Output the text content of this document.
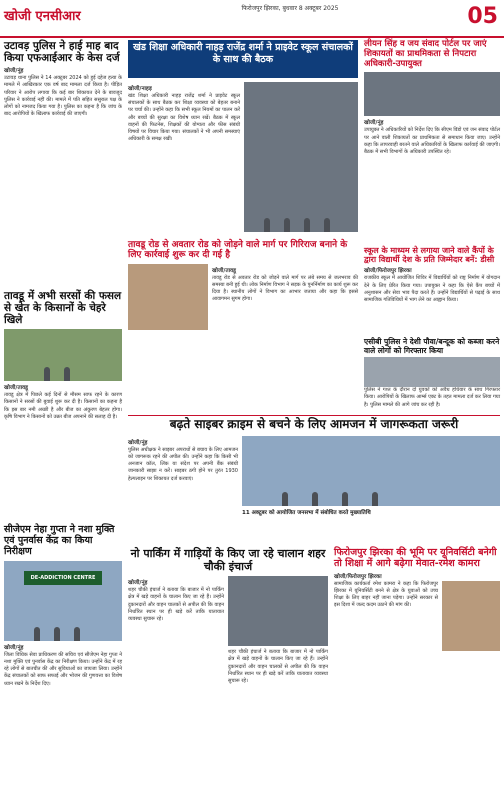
खोजी एनसीआर
फिरोजपुर झिरका, बुधवार 8 अक्टूबर 2025	05
उटावड़ पुलिस ने हाई माह बाद किया एफआईआर के केस दर्ज
खोजी/नूंह
उटावड़ थाना पुलिस ने 14 अक्टूबर 2024 को हुई दहेज हत्या के मामले में आखिरकार एक वर्ष बाद मामला दर्ज किया है। पीड़ित परिवार ने आरोप लगाया कि कई बार शिकायत देने के बावजूद पुलिस ने कार्रवाई नहीं की। मामले में पति सहित ससुराल पक्ष के लोगों को नामजद किया गया है। पुलिस का कहना है कि जांच के बाद आरोपियों के खिलाफ कार्रवाई की जाएगी।
तावडू में अभी सरसों की फसल से खेत के किसानों के चेहरे खिले
खोजी/तावडू
तावडू क्षेत्र में पिछले कई दिनों से मौसम साफ रहने के कारण किसानों ने सरसों की बुवाई शुरू कर दी है। किसानों का कहना है कि इस बार नमी अच्छी है और बीज का अंकुरण बेहतर होगा। कृषि विभाग ने किसानों को उन्नत बीज अपनाने की सलाह दी है।
सीजेएम नेहा गुप्ता ने नशा मुक्ति एवं पुनर्वास केंद्र का किया निरीक्षण
DE-ADDICTION CENTRE
खोजी/नूंह
जिला विधिक सेवा प्राधिकरण की सचिव एवं सीजेएम नेहा गुप्ता ने नशा मुक्ति एवं पुनर्वास केंद्र का निरीक्षण किया। उन्होंने केंद्र में रह रहे लोगों से बातचीत की और सुविधाओं का जायजा लिया। उन्होंने केंद्र संचालकों को साफ सफाई और भोजन की गुणवत्ता का विशेष ध्यान रखने के निर्देश दिए।
खंड शिक्षा अधिकारी नाहड़ राजेंद्र शर्मा ने प्राइवेट स्कूल संचालकों के साथ की बैठक
खोजी/नाहड़
खंड शिक्षा अधिकारी नाहड़ राजेंद्र शर्मा ने प्राइवेट स्कूल संचालकों के साथ बैठक कर शिक्षा व्यवस्था को बेहतर बनाने पर चर्चा की। उन्होंने कहा कि सभी स्कूल नियमों का पालन करें और बच्चों की सुरक्षा का विशेष ध्यान रखें। बैठक में स्कूल वाहनों की फिटनेस, शिक्षकों की योग्यता और फीस संबंधी विषयों पर विचार किया गया। संचालकों ने भी अपनी समस्याएं अधिकारी के समक्ष रखीं।
तावडू रोड से अवतार रोड को जोड़ने वाले मार्ग पर गिरिराज बनाने के लिए कार्रवाई शुरू कर दी गई है
खोजी/तावडू
तावडू रोड से अवतार रोड को जोड़ने वाले मार्ग पर लंबे समय से जलभराव की समस्या बनी हुई थी। लोक निर्माण विभाग ने सड़क के पुनर्निर्माण का कार्य शुरू कर दिया है। स्थानीय लोगों ने विभाग का आभार जताया और कहा कि इससे आवागमन सुगम होगा।
बढ़ते साइबर क्राइम से बचने के लिए आमजन में जागरूकता जरूरी
खोजी/नूंह
पुलिस अधीक्षक ने साइबर अपराधों से बचाव के लिए आमजन को जागरूक रहने की अपील की। उन्होंने कहा कि किसी भी अनजान कॉल, लिंक या संदेश पर अपनी बैंक संबंधी जानकारी साझा न करें। साइबर ठगी होने पर तुरंत 1930 हेल्पलाइन पर शिकायत दर्ज करवाएं।
11 अक्टूबर को आयोजित जनसभा में संबोधित करते मुख्यातिथि
लीयन सिंह व जय संवाद पोर्टल पर जाएं शिकायतों का प्राथमिकता से निपटारा अधिकारी-उपायुक्त
खोजी/नूंह
उपायुक्त ने अधिकारियों को निर्देश दिए कि सीएम विंडो एवं जन संवाद पोर्टल पर आने वाली शिकायतों का प्राथमिकता से समाधान किया जाए। उन्होंने कहा कि लापरवाही बरतने वाले अधिकारियों के खिलाफ कार्रवाई की जाएगी। बैठक में सभी विभागों के अधिकारी उपस्थित रहे।
स्कूल के माध्यम से लगाया जाने वाले कैंपों के द्वारा विद्यार्थी देश के प्रति जिम्मेदार बनें: डीसी
खोजी/फिरोजपुर झिरका
राजकीय स्कूल में आयोजित शिविर में विद्यार्थियों को राष्ट्र निर्माण में योगदान देने के लिए प्रेरित किया गया। उपायुक्त ने कहा कि ऐसे कैंप बच्चों में अनुशासन और सेवा भाव पैदा करते हैं। उन्होंने विद्यार्थियों से पढ़ाई के साथ सामाजिक गतिविधियों में भाग लेने का आह्वान किया।
एसीबी पुलिस ने देशी पौवा/बन्दूक को कब्जा करने वाले लोगों को गिरफ्तार किया
पुलिस ने गश्त के दौरान दो युवकों को अवैध हथियार के साथ गिरफ्तार किया। आरोपियों के खिलाफ आर्म्स एक्ट के तहत मामला दर्ज कर लिया गया है। पुलिस मामले की आगे जांच कर रही है।
नो पार्किंग में गाड़ियों के किए जा रहे चालान शहर चौकी इंचार्ज
खोजी/नूंह
शहर चौकी इंचार्ज ने बताया कि बाजार में नो पार्किंग क्षेत्र में खड़े वाहनों के चालान किए जा रहे हैं। उन्होंने दुकानदारों और वाहन चालकों से अपील की कि वाहन निर्धारित स्थान पर ही खड़े करें ताकि यातायात व्यवस्था सुचारू रहे।
शहर चौकी इंचार्ज ने बताया कि बाजार में नो पार्किंग क्षेत्र में खड़े वाहनों के चालान किए जा रहे हैं। उन्होंने दुकानदारों और वाहन चालकों से अपील की कि वाहन निर्धारित स्थान पर ही खड़े करें ताकि यातायात व्यवस्था सुचारू रहे।
फिरोजपुर झिरका की भूमि पर यूनिवर्सिटी बनेगी तो शिक्षा में आगे बढ़ेगा मेवात-रमेश कामरा
खोजी/फिरोजपुर झिरका
सामाजिक कार्यकर्ता रमेश कामरा ने कहा कि फिरोजपुर झिरका में यूनिवर्सिटी बनने से क्षेत्र के युवाओं को उच्च शिक्षा के लिए बाहर नहीं जाना पड़ेगा। उन्होंने सरकार से इस दिशा में जल्द कदम उठाने की मांग की।
